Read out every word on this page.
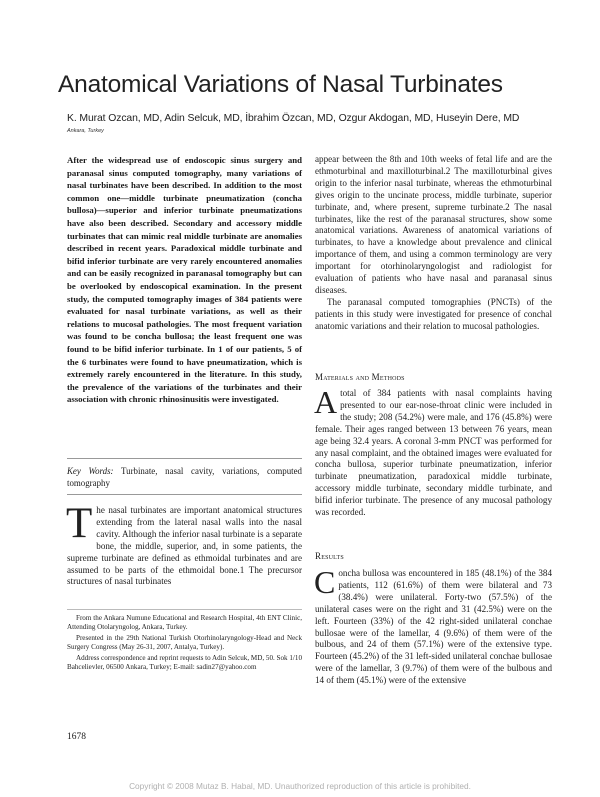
Anatomical Variations of Nasal Turbinates
K. Murat Ozcan, MD, Adin Selcuk, MD, İbrahim Özcan, MD, Ozgur Akdogan, MD, Huseyin Dere, MD
Ankara, Turkey
After the widespread use of endoscopic sinus surgery and paranasal sinus computed tomography, many variations of nasal turbinates have been described. In addition to the most common one—middle turbinate pneumatization (concha bullosa)—superior and inferior turbinate pneumatizations have also been described. Secondary and accessory middle turbinates that can mimic real middle turbinate are anomalies described in recent years. Paradoxical middle turbinate and bifid inferior turbinate are very rarely encountered anomalies and can be easily recognized in paranasal tomography but can be overlooked by endoscopical examination. In the present study, the computed tomography images of 384 patients were evaluated for nasal turbinate variations, as well as their relations to mucosal pathologies. The most frequent variation was found to be concha bullosa; the least frequent one was found to be bifid inferior turbinate. In 1 of our patients, 5 of the 6 turbinates were found to have pneumatization, which is extremely rarely encountered in the literature. In this study, the prevalence of the variations of the turbinates and their association with chronic rhinosinusitis were investigated.
Key Words: Turbinate, nasal cavity, variations, computed tomography
The nasal turbinates are important anatomical structures extending from the lateral nasal walls into the nasal cavity. Although the inferior nasal turbinate is a separate bone, the middle, superior, and, in some patients, the supreme turbinate are defined as ethmoidal turbinates and are assumed to be parts of the ethmoidal bone.1 The precursor structures of nasal turbinates

From the Ankara Numune Educational and Research Hospital, 4th ENT Clinic, Attending Otolaryngolog, Ankara, Turkey.

Presented in the 29th National Turkish Otorhinolaryngology-Head and Neck Surgery Congress (May 26-31, 2007, Antalya, Turkey).

Address correspondence and reprint requests to Adin Selcuk, MD, 50. Sok 1/10 Bahcelievler, 06500 Ankara, Turkey; E-mail: sadin27@yahoo.com

1678

appear between the 8th and 10th weeks of fetal life and are the ethmoturbinal and maxilloturbinal.2 The maxilloturbinal gives origin to the inferior nasal turbinate, whereas the ethmoturbinal gives origin to the uncinate process, middle turbinate, superior turbinate, and, where present, supreme turbinate.2 The nasal turbinates, like the rest of the paranasal structures, show some anatomical variations. Awareness of anatomical variations of turbinates, to have a knowledge about prevalence and clinical importance of them, and using a common terminology are very important for otorhinolaryngologist and radiologist for evaluation of patients who have nasal and paranasal sinus diseases.

The paranasal computed tomographies (PNCTs) of the patients in this study were investigated for presence of conchal anatomic variations and their relation to mucosal pathologies.

Materials and Methods
Atotal of 384 patients with nasal complaints having presented to our ear-nose-throat clinic were included in the study; 208 (54.2%) were male, and 176 (45.8%) were female. Their ages ranged between 13 between 76 years, mean age being 32.4 years. A coronal 3-mm PNCT was performed for any nasal complaint, and the obtained images were evaluated for concha bullosa, superior turbinate pneumatization, inferior turbinate pneumatization, paradoxical middle turbinate, accessory middle turbinate, secondary middle turbinate, and bifid inferior turbinate. The presence of any mucosal pathology was recorded.
Results
Concha bullosa was encountered in 185 (48.1%) of the 384 patients, 112 (61.6%) of them were bilateral and 73 (38.4%) were unilateral. Forty-two (57.5%) of the unilateral cases were on the right and 31 (42.5%) were on the left. Fourteen (33%) of the 42 right-sided unilateral conchae bullosae were of the lamellar, 4 (9.6%) of them were of the bulbous, and 24 of them (57.1%) were of the extensive type. Fourteen (45.2%) of the 31 left-sided unilateral conchae bullosae were of the lamellar, 3 (9.7%) of them were of the bulbous and 14 of them (45.1%) were of the extensive
Copyright © 2008 Mutaz B. Habal, MD. Unauthorized reproduction of this article is prohibited.
